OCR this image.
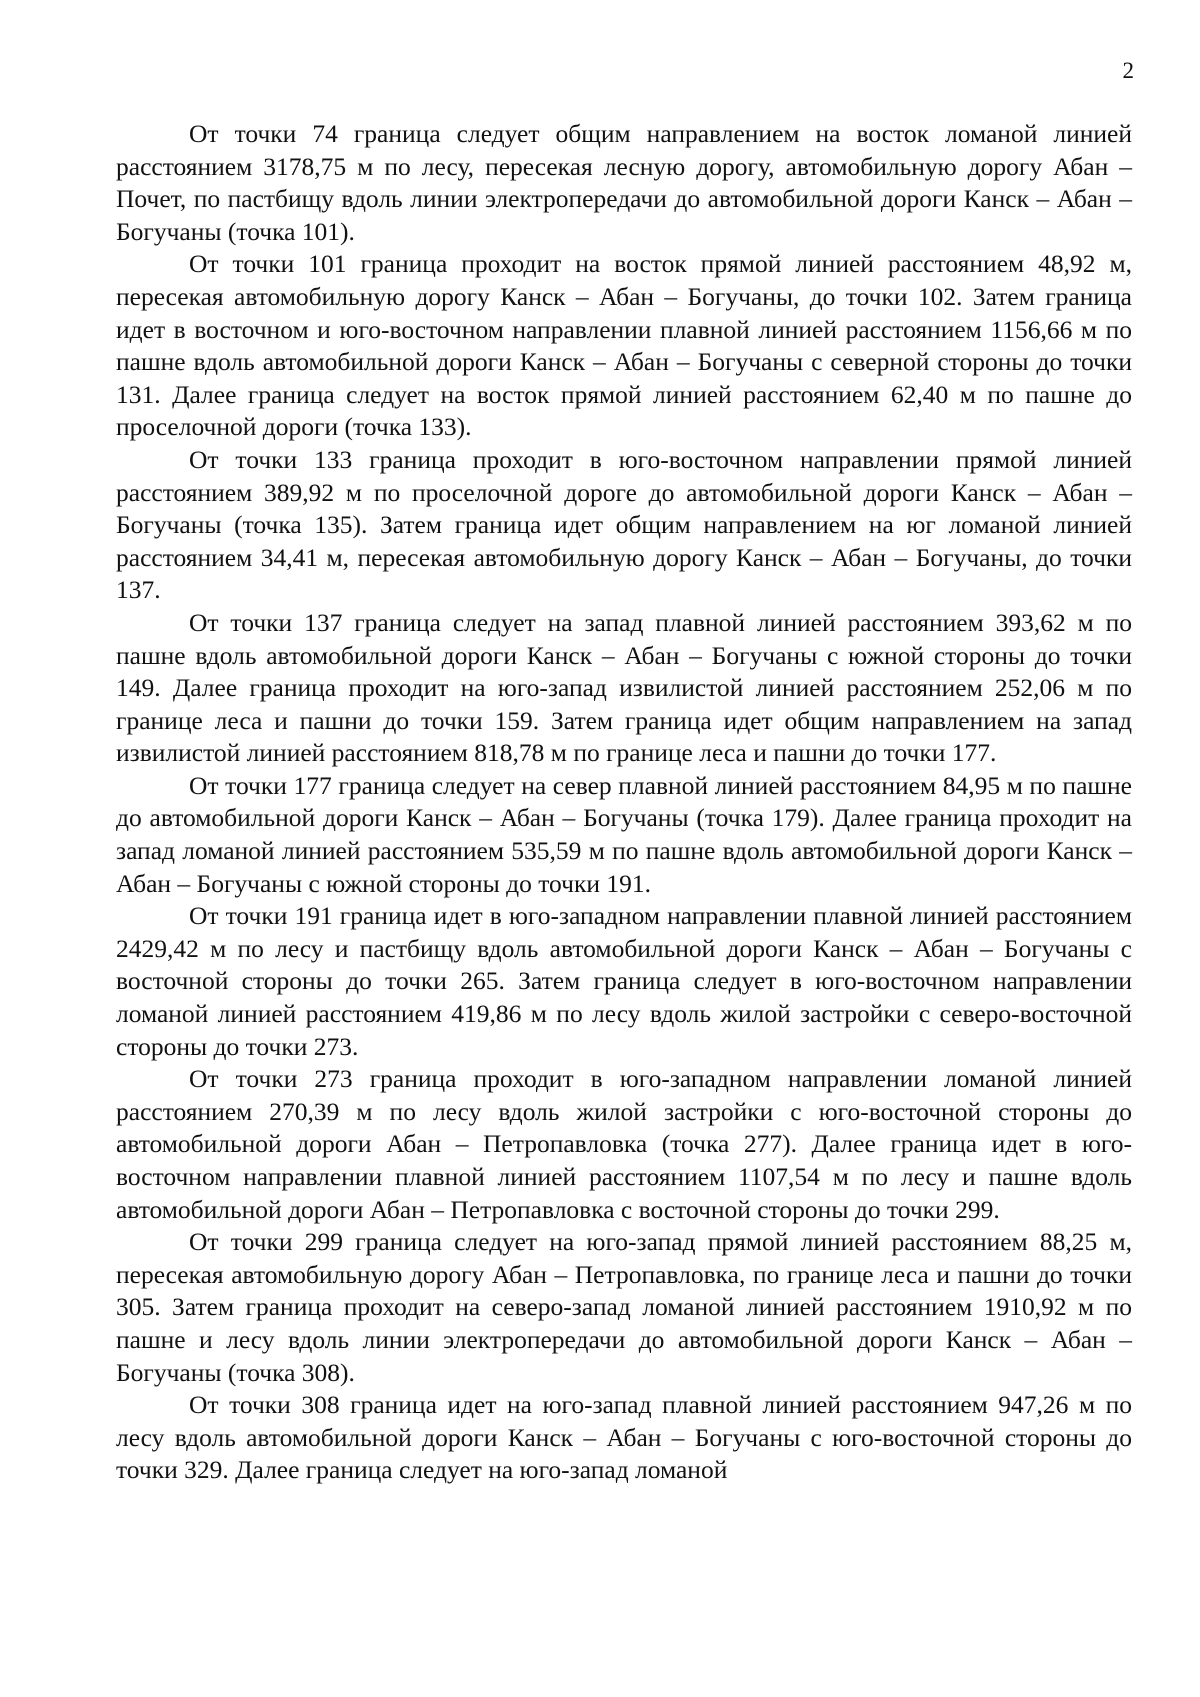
2

От точки 74 граница следует общим направлением на восток ломаной линией расстоянием 3178,75 м по лесу, пересекая лесную дорогу, автомобильную дорогу Абан – Почет, по пастбищу вдоль линии электропередачи до автомобильной дороги Канск – Абан – Богучаны (точка 101).

От точки 101 граница проходит на восток прямой линией расстоянием 48,92 м, пересекая автомобильную дорогу Канск – Абан – Богучаны, до точки 102. Затем граница идет в восточном и юго-восточном направлении плавной линией расстоянием 1156,66 м по пашне вдоль автомобильной дороги Канск – Абан – Богучаны с северной стороны до точки 131. Далее граница следует на восток прямой линией расстоянием 62,40 м по пашне до проселочной дороги (точка 133).

От точки 133 граница проходит в юго-восточном направлении прямой линией расстоянием 389,92 м по проселочной дороге до автомобильной дороги Канск – Абан – Богучаны (точка 135). Затем граница идет общим направлением на юг ломаной линией расстоянием 34,41 м, пересекая автомобильную дорогу Канск – Абан – Богучаны, до точки 137.

От точки 137 граница следует на запад плавной линией расстоянием 393,62 м по пашне вдоль автомобильной дороги Канск – Абан – Богучаны с южной стороны до точки 149. Далее граница проходит на юго-запад извилистой линией расстоянием 252,06 м по границе леса и пашни до точки 159. Затем граница идет общим направлением на запад извилистой линией расстоянием 818,78 м по границе леса и пашни до точки 177.

От точки 177 граница следует на север плавной линией расстоянием 84,95 м по пашне до автомобильной дороги Канск – Абан – Богучаны (точка 179). Далее граница проходит на запад ломаной линией расстоянием 535,59 м по пашне вдоль автомобильной дороги Канск – Абан – Богучаны с южной стороны до точки 191.

От точки 191 граница идет в юго-западном направлении плавной линией расстоянием 2429,42 м по лесу и пастбищу вдоль автомобильной дороги Канск – Абан – Богучаны с восточной стороны до точки 265. Затем граница следует в юго-восточном направлении ломаной линией расстоянием 419,86 м по лесу вдоль жилой застройки с северо-восточной стороны до точки 273.

От точки 273 граница проходит в юго-западном направлении ломаной линией расстоянием 270,39 м по лесу вдоль жилой застройки с юго-восточной стороны до автомобильной дороги Абан – Петропавловка (точка 277). Далее граница идет в юго-восточном направлении плавной линией расстоянием 1107,54 м по лесу и пашне вдоль автомобильной дороги Абан – Петропавловка с восточной стороны до точки 299.

От точки 299 граница следует на юго-запад прямой линией расстоянием 88,25 м, пересекая автомобильную дорогу Абан – Петропавловка, по границе леса и пашни до точки 305. Затем граница проходит на северо-запад ломаной линией расстоянием 1910,92 м по пашне и лесу вдоль линии электропередачи до автомобильной дороги Канск – Абан – Богучаны (точка 308).

От точки 308 граница идет на юго-запад плавной линией расстоянием 947,26 м по лесу вдоль автомобильной дороги Канск – Абан – Богучаны с юго-восточной стороны до точки 329. Далее граница следует на юго-запад ломаной
